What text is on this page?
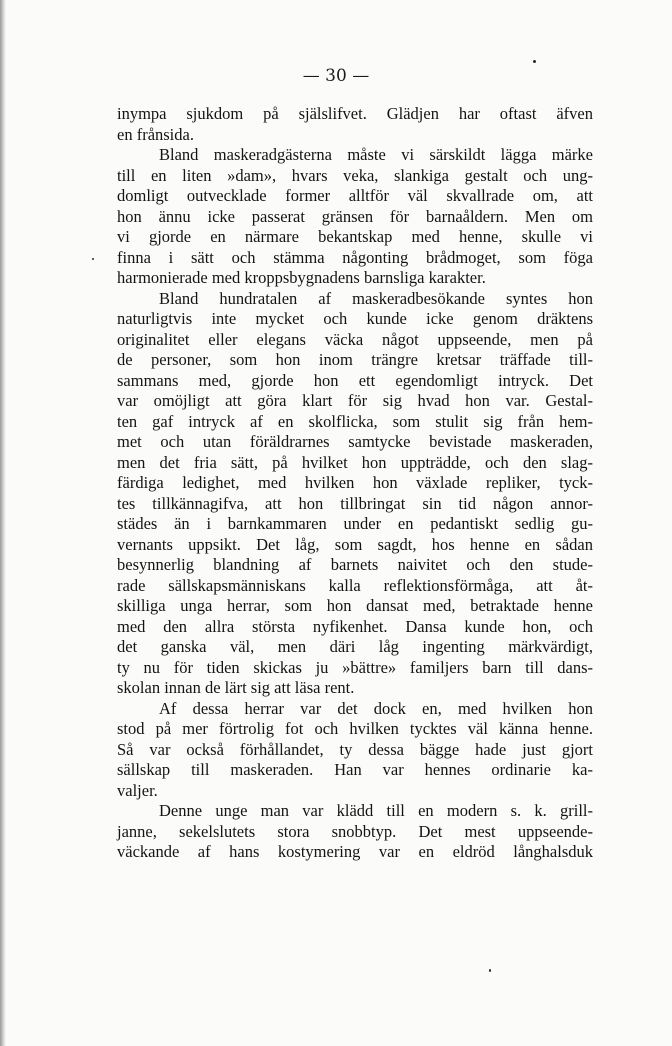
— 30 —

inympa sjukdom på själslifvet. Glädjen har oftast äfven
en frånsida.
Bland maskeradgästerna måste vi särskildt lägga märke
till en liten »dam», hvars veka, slankiga gestalt och ung-
domligt outvecklade former alltför väl skvallrade om, att
hon ännu icke passerat gränsen för barnaåldern. Men om
vi gjorde en närmare bekantskap med henne, skulle vi
finna i sätt och stämma någonting brådmoget, som föga
harmonierade med kroppsbygnadens barnsliga karakter.
Bland hundratalen af maskeradbesökande syntes hon
naturligtvis inte mycket och kunde icke genom dräktens
originalitet eller elegans väcka något uppseende, men på
de personer, som hon inom trängre kretsar träffade till-
sammans med, gjorde hon ett egendomligt intryck. Det
var omöjligt att göra klart för sig hvad hon var. Gestal-
ten gaf intryck af en skolflicka, som stulit sig från hem-
met och utan föräldrarnes samtycke bevistade maskeraden,
men det fria sätt, på hvilket hon uppträdde, och den slag-
färdiga ledighet, med hvilken hon växlade repliker, tyck-
tes tillkännagifva, att hon tillbringat sin tid någon annor-
städes än i barnkammaren under en pedantiskt sedlig gu-
vernants uppsikt. Det låg, som sagdt, hos henne en sådan
besynnerlig blandning af barnets naivitet och den stude-
rade sällskapsmänniskans kalla reflektionsförmåga, att åt-
skilliga unga herrar, som hon dansat med, betraktade henne
med den allra största nyfikenhet. Dansa kunde hon, och
det ganska väl, men däri låg ingenting märkvärdigt,
ty nu för tiden skickas ju »bättre» familjers barn till dans-
skolan innan de lärt sig att läsa rent.
Af dessa herrar var det dock en, med hvilken hon
stod på mer förtrolig fot och hvilken tycktes väl känna henne.
Så var också förhållandet, ty dessa bägge hade just gjort
sällskap till maskeraden. Han var hennes ordinarie ka-
valjer.
Denne unge man var klädd till en modern s. k. grill-
janne, sekelslutets stora snobbtyp. Det mest uppseende-
väckande af hans kostymering var en eldröd långhalsduk
